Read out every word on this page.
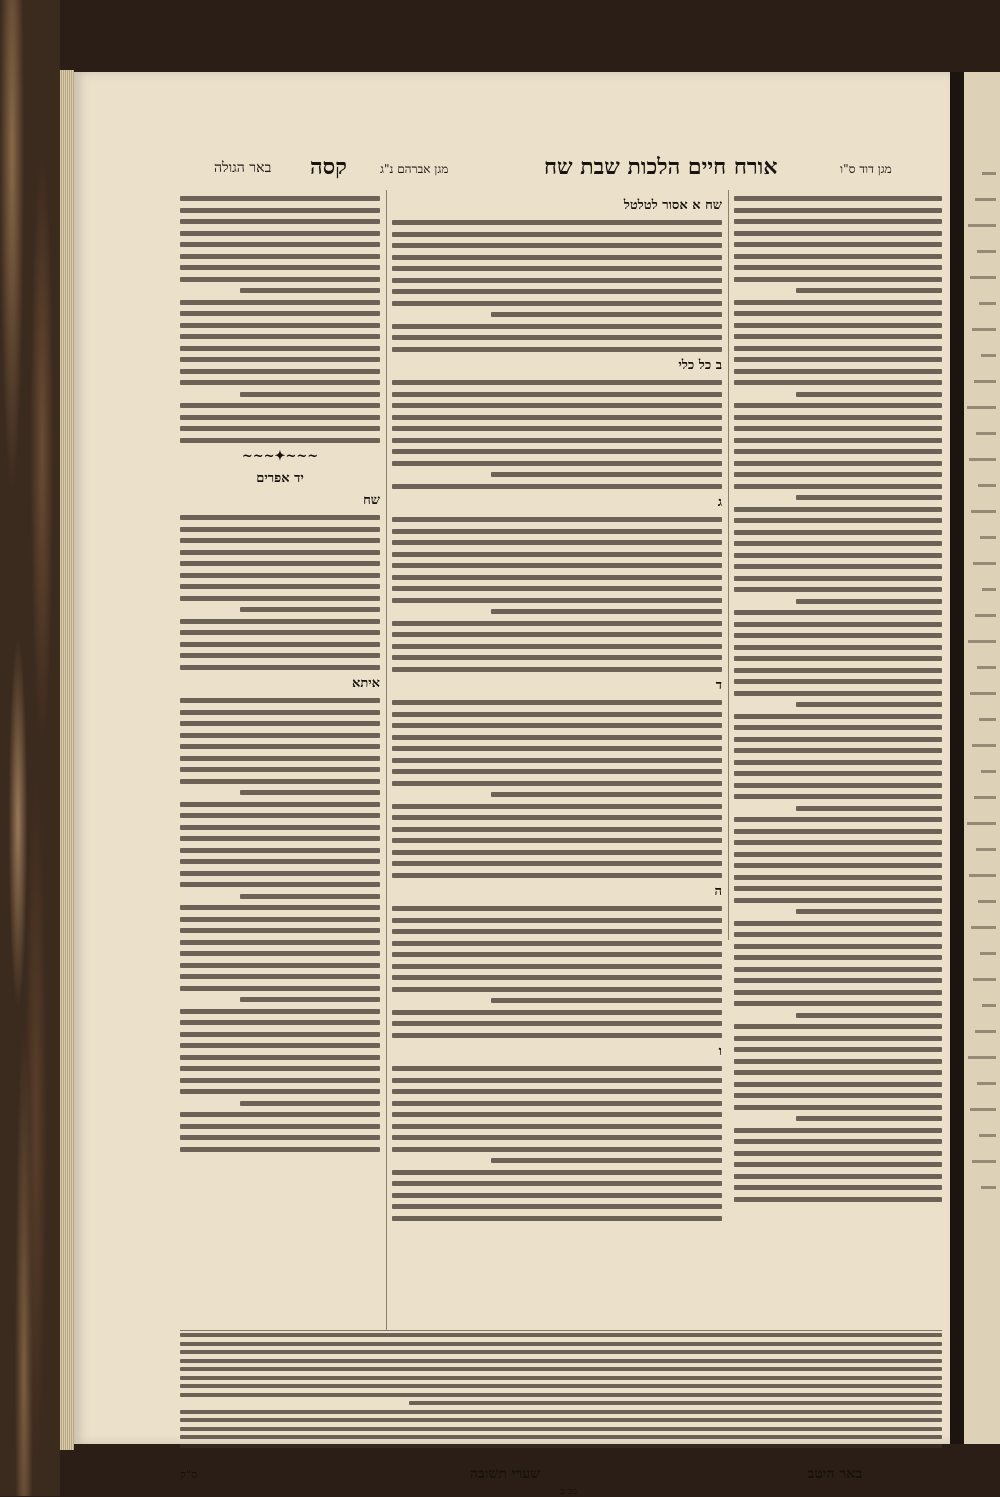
באר הגולה קסה	מגן אברהם נ"ג	אורח חיים הלכות שבת שח	מגן דוד ס"ו
שח א אסור לטלטל
ב כל כלי
ג
ד
ה
ו
~~~✦~~~
יד אפרים
שח
איתא
באר היטב
שערי תשובה
ס"ק
מב ב
